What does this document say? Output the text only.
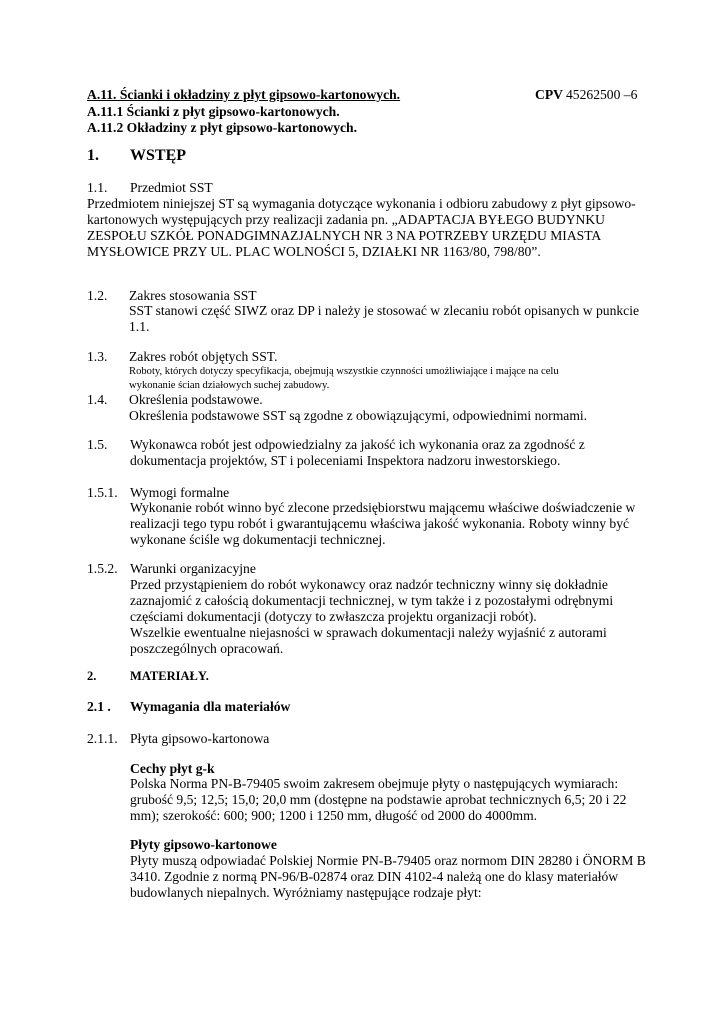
A.11. Ścianki i okładziny z płyt gipsowo-kartonowych.	CPV 45262500 –6
A.11.1 Ścianki z płyt gipsowo-kartonowych.
A.11.2 Okładziny z płyt gipsowo-kartonowych.
1. WSTĘP
1.1. Przedmiot SST
Przedmiotem niniejszej ST są wymagania dotyczące wykonania i odbioru zabudowy z płyt gipsowo-
kartonowych występujących przy realizacji zadania pn. „ADAPTACJA BYŁEGO BUDYNKU
ZESPOŁU SZKÓŁ PONADGIMNAZJALNYCH NR 3 NA POTRZEBY URZĘDU MIASTA
MYSŁOWICE PRZY UL. PLAC WOLNOŚCI 5, DZIAŁKI NR 1163/80, 798/80”.
1.2. Zakres stosowania SST
SST stanowi część SIWZ oraz DP i należy je stosować w zlecaniu robót opisanych w punkcie
1.1.
1.3. Zakres robót objętych SST.
Roboty, których dotyczy specyfikacja, obejmują wszystkie czynności umożliwiające i mające na celu
wykonanie ścian działowych suchej zabudowy.
1.4. Określenia podstawowe.
Określenia podstawowe SST są zgodne z obowiązującymi, odpowiednimi normami.
1.5. Wykonawca robót jest odpowiedzialny za jakość ich wykonania oraz za zgodność z
dokumentacja projektów, ST i poleceniami Inspektora nadzoru inwestorskiego.
1.5.1. Wymogi formalne
Wykonanie robót winno być zlecone przedsiębiorstwu mającemu właściwe doświadczenie w
realizacji tego typu robót i gwarantującemu właściwa jakość wykonania. Roboty winny być
wykonane ściśle wg dokumentacji technicznej.
1.5.2. Warunki organizacyjne
Przed przystąpieniem do robót wykonawcy oraz nadzór techniczny winny się dokładnie
zaznajomić z całością dokumentacji technicznej, w tym także i z pozostałymi odrębnymi
częściami dokumentacji (dotyczy to zwłaszcza projektu organizacji robót).
Wszelkie ewentualne niejasności w sprawach dokumentacji należy wyjaśnić z autorami
poszczególnych opracowań.
2.	MATERIAŁY.
2.1 . Wymagania dla materiałów
2.1.1. Płyta gipsowo-kartonowa
Cechy płyt g-k
Polska Norma PN-B-79405 swoim zakresem obejmuje płyty o następujących wymiarach:
grubość 9,5; 12,5; 15,0; 20,0 mm (dostępne na podstawie aprobat technicznych 6,5; 20 i 22
mm); szerokość: 600; 900; 1200 i 1250 mm, długość od 2000 do 4000mm.
Płyty gipsowo-kartonowe
Płyty muszą odpowiadać Polskiej Normie PN-B-79405 oraz normom DIN 28280 i ÖNORM B
3410. Zgodnie z normą PN-96/B-02874 oraz DIN 4102-4 należą one do klasy materiałów
budowlanych niepalnych. Wyróżniamy następujące rodzaje płyt:
